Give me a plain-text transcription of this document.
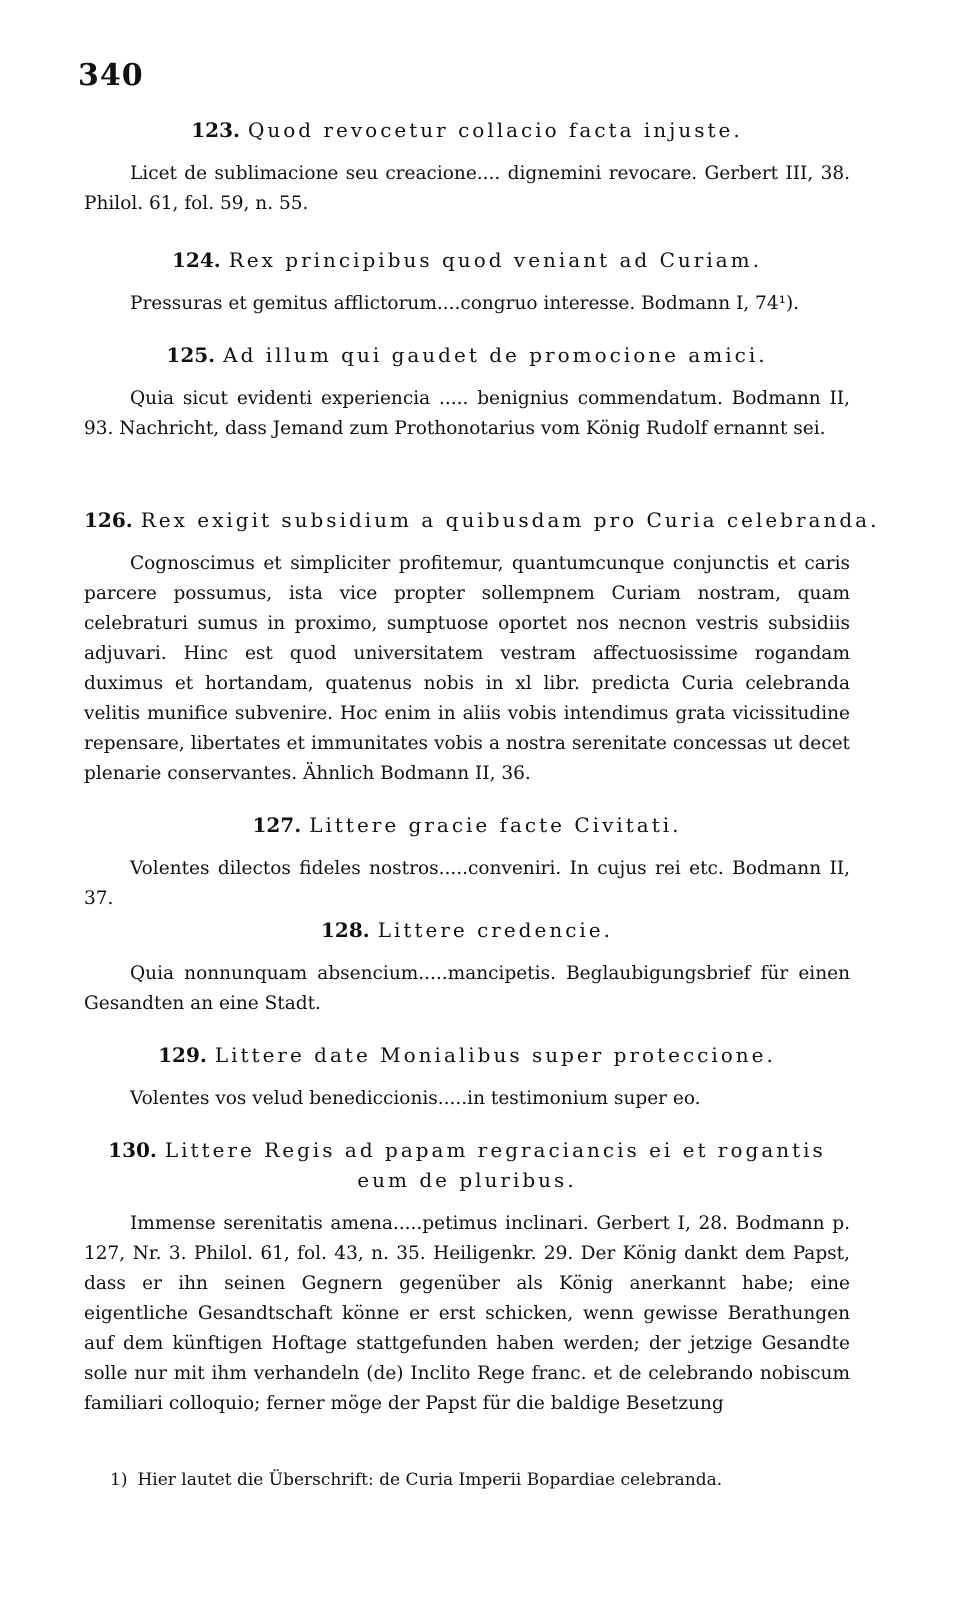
340
123. Quod revocetur collacio facta injuste.
Licet de sublimacione seu creacione.... dignemini revocare. Gerbert III, 38. Philol. 61, fol. 59, n. 55.
124. Rex principibus quod veniant ad Curiam.
Pressuras et gemitus afflictorum....congruo interesse. Bodmann I, 74¹).
125. Ad illum qui gaudet de promocione amici.
Quia sicut evidenti experiencia ..... benignius commendatum. Bodmann II, 93. Nachricht, dass Jemand zum Prothonotarius vom König Rudolf ernannt sei.
126. Rex exigit subsidium a quibusdam pro Curia celebranda.
Cognoscimus et simpliciter profitemur, quantumcunque conjunctis et caris parcere possumus, ista vice propter sollempnem Curiam nostram, quam celebraturi sumus in proximo, sumptuose oportet nos necnon vestris subsidiis adjuvari. Hinc est quod universitatem vestram affectuosissime rogandam duximus et hortandam, quatenus nobis in xl libr. predicta Curia celebranda velitis munifice subvenire. Hoc enim in aliis vobis intendimus grata vicissitudine repensare, libertates et immunitates vobis a nostra serenitate concessas ut decet plenarie conservantes. Ähnlich Bodmann II, 36.
127. Littere gracie facte Civitati.
Volentes dilectos fideles nostros.....conveniri. In cujus rei etc. Bodmann II, 37.
128. Littere credencie.
Quia nonnunquam absencium.....mancipetis. Beglaubigungsbrief für einen Gesandten an eine Stadt.
129. Littere date Monialibus super proteccione.
Volentes vos velud benediccionis.....in testimonium super eo.
130. Littere Regis ad papam regraciancis ei et rogantis eum de pluribus.
Immense serenitatis amena.....petimus inclinari. Gerbert I, 28. Bodmann p. 127, Nr. 3. Philol. 61, fol. 43, n. 35. Heiligenkr. 29. Der König dankt dem Papst, dass er ihn seinen Gegnern gegenüber als König anerkannt habe; eine eigentliche Gesandtschaft könne er erst schicken, wenn gewisse Berathungen auf dem künftigen Hoftage stattgefunden haben werden; der jetzige Gesandte solle nur mit ihm verhandeln (de) Inclito Rege franc. et de celebrando nobiscum familiari colloquio; ferner möge der Papst für die baldige Besetzung
1) Hier lautet die Überschrift: de Curia Imperii Bopardiae celebranda.
